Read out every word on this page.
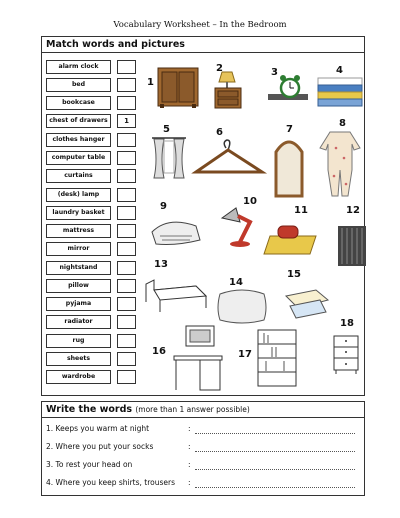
Vocabulary Worksheet – In the Bedroom
Match words and pictures
alarm clock
bed
bookcase
chest of drawers	1
clothes hanger
computer table
curtains
(desk) lamp
laundry basket
mattress
mirror
nightstand
pillow
pyjama
radiator
rug
sheets
wardrobe
1
2	3	4
5	6	7
8
9	10
11	12
13
14
15
16	17
18
Write the words (more than 1 answer possible)
1. Keeps you warm at night	:
2. Where you put your socks	:
3. To rest your head on	:
4. Where you keep shirts, trousers :
